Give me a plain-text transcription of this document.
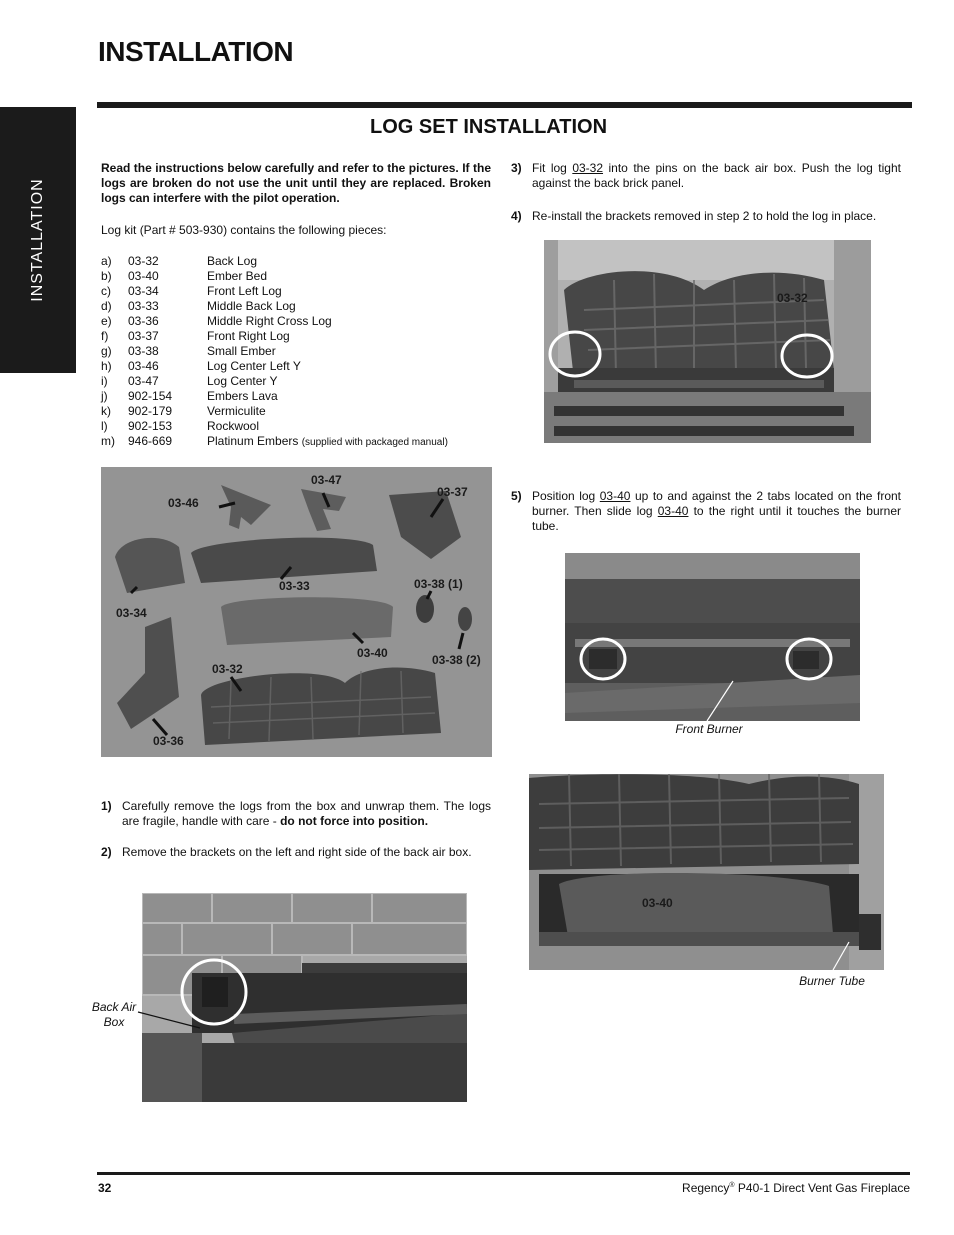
INSTALLATION
INSTALLATION
LOG SET INSTALLATION
Read the instructions below carefully and refer to the pictures. If the logs are broken do not use the unit until they are replaced. Broken logs can interfere with the pilot operation.
Log kit (Part # 503-930) contains the following pieces:
a) 03-32	Back Log
b) 03-40	Ember Bed
c) 03-34	Front Left Log
d) 03-33	Middle Back Log
e) 03-36	Middle Right Cross Log
f) 03-37	Front Right Log
g) 03-38	Small Ember
h) 03-46	Log Center Left Y
i) 03-47	Log Center Y
j) 902-154	Embers Lava
k) 902-179	Vermiculite
l) 902-153	Rockwool
m) 946-669	Platinum Embers (supplied with packaged manual)
03-46
03-47
03-37
03-33	03-38 (1)
03-34
03-40	03-38 (2)
03-32
03-36
1) Carefully remove the logs from the box and unwrap them. The logs are fragile, handle with care - do not force into position.
2) Remove the brackets on the left and right side of the back air box.
Back Air Box
3) Fit log 03-32 into the pins on the back air box. Push the log tight against the back brick panel.
4) Re-install the brackets removed in step 2 to hold the log in place.
03-32
5) Position log 03-40 up to and against the 2 tabs located on the front burner. Then slide log 03-40 to the right until it touches the burner tube.
Front Burner
03-40
Burner Tube
32	Regency® P40-1 Direct Vent Gas Fireplace
